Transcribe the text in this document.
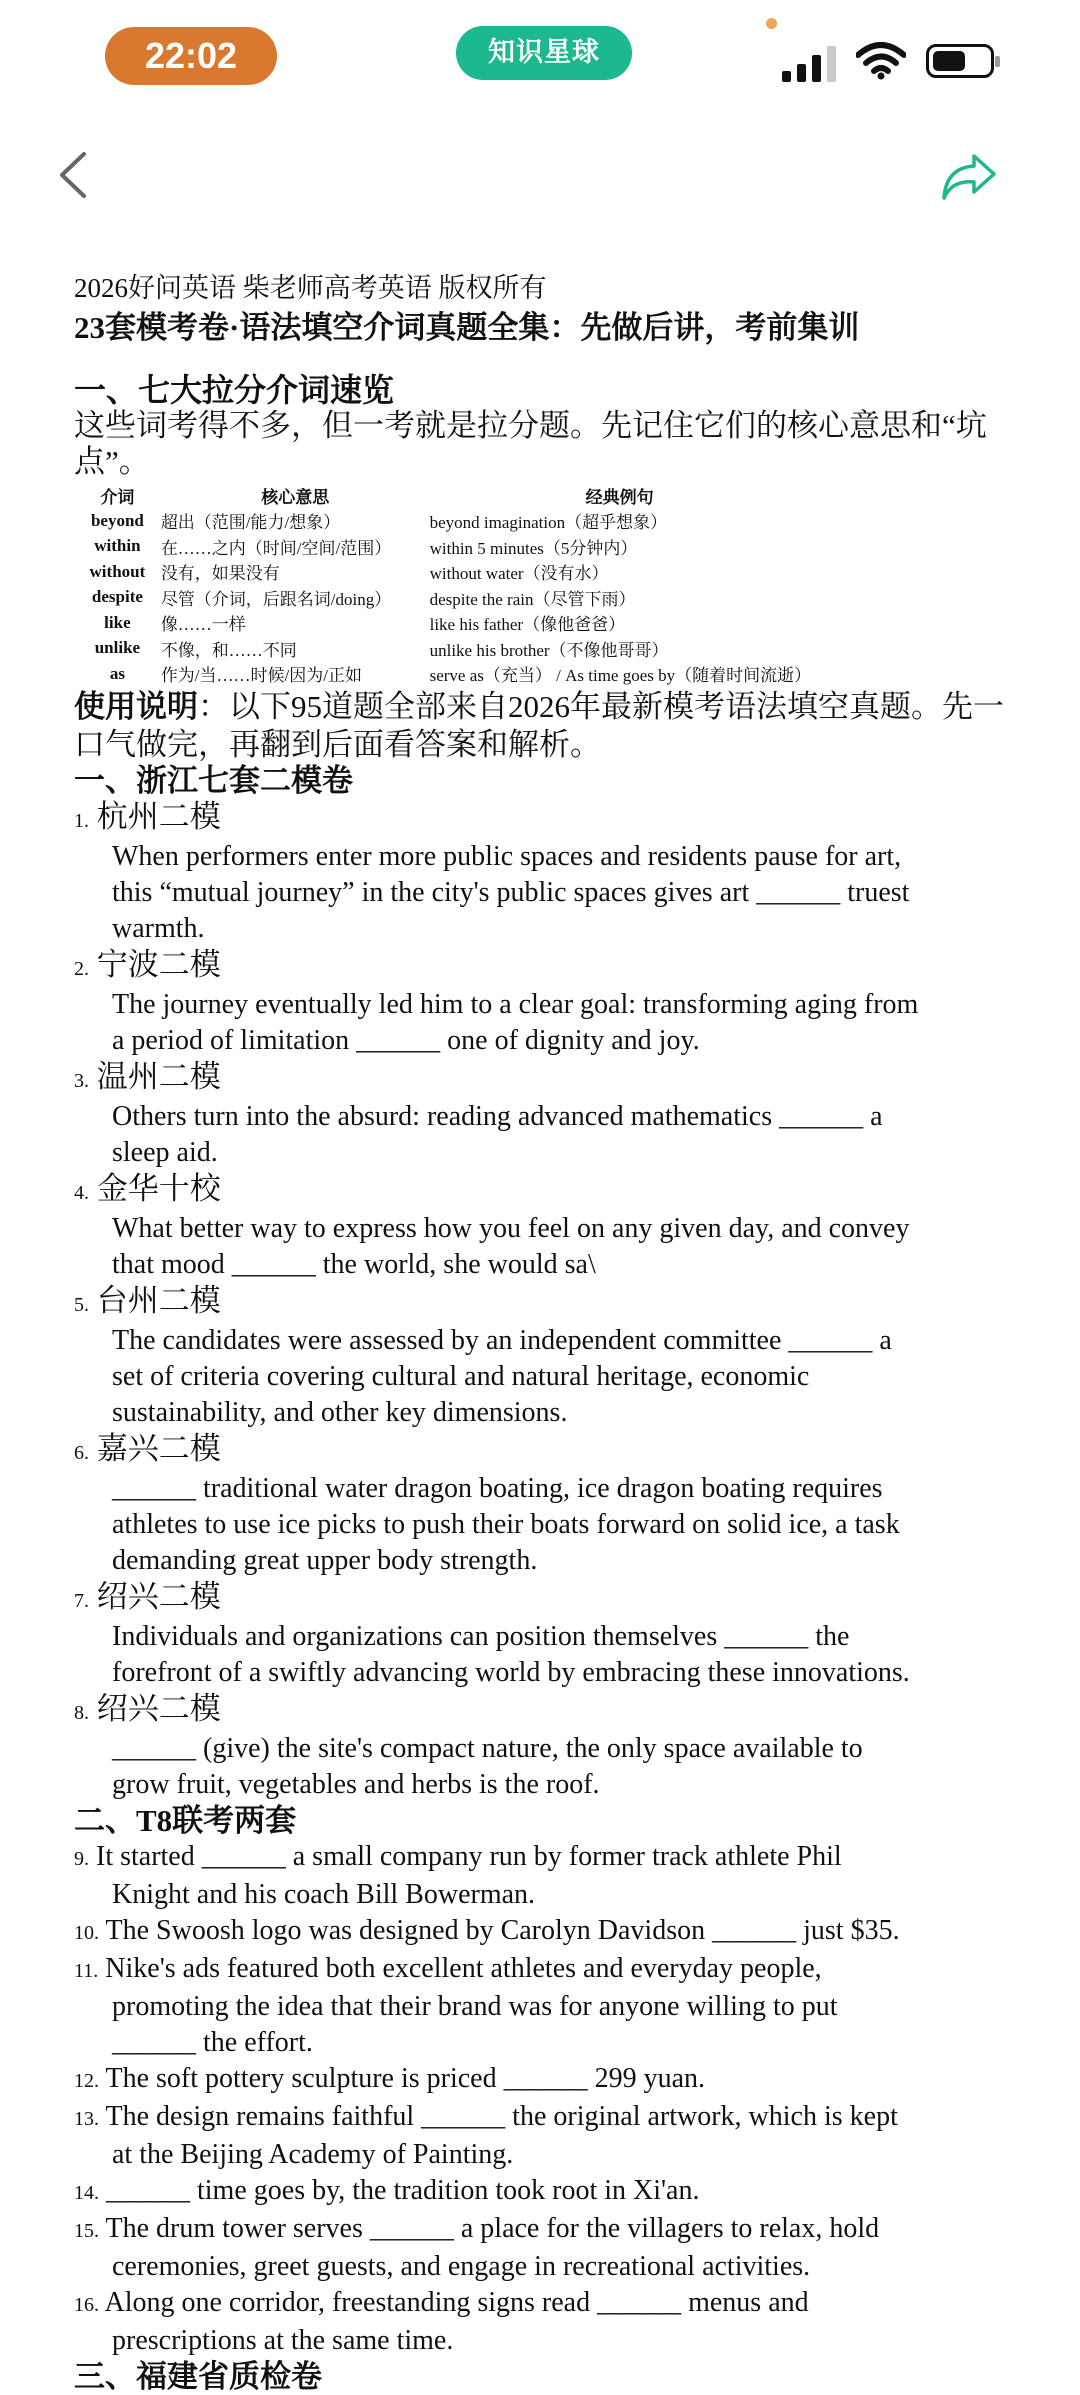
22:02	知识星球
2026好问英语 柴老师高考英语 版权所有
23套模考卷·语法填空介词真题全集：先做后讲，考前集训
一、七大拉分介词速览
这些词考得不多，但一考就是拉分题。先记住它们的核心意思和“坑
点”。
介词	核心意思	经典例句
beyond	超出（范围/能力/想象）	beyond imagination（超乎想象）
within	在……之内（时间/空间/范围）	within 5 minutes（5分钟内）
without	没有，如果没有	without water（没有水）
despite	尽管（介词，后跟名词/doing）	despite the rain（尽管下雨）
like	像……一样	like his father（像他爸爸）
unlike	不像，和……不同	unlike his brother（不像他哥哥）
as	作为/当……时候/因为/正如	serve as（充当） / As time goes by（随着时间流逝）
使用说明：以下95道题全部来自2026年最新模考语法填空真题。先一
口气做完，再翻到后面看答案和解析。
一、浙江七套二模卷
1. 杭州二模
When performers enter more public spaces and residents pause for art,
this “mutual journey” in the city's public spaces gives art ______ truest
warmth.
2. 宁波二模
The journey eventually led him to a clear goal: transforming aging from
a period of limitation ______ one of dignity and joy.
3. 温州二模
Others turn into the absurd: reading advanced mathematics ______ a
sleep aid.
4. 金华十校
What better way to express how you feel on any given day, and convey
that mood ______ the world, she would sa\
5. 台州二模
The candidates were assessed by an independent committee ______ a
set of criteria covering cultural and natural heritage, economic
sustainability, and other key dimensions.
6. 嘉兴二模
______ traditional water dragon boating, ice dragon boating requires
athletes to use ice picks to push their boats forward on solid ice, a task
demanding great upper body strength.
7. 绍兴二模
Individuals and organizations can position themselves ______ the
forefront of a swiftly advancing world by embracing these innovations.
8. 绍兴二模
______ (give) the site's compact nature, the only space available to
grow fruit, vegetables and herbs is the roof.
二、T8联考两套
9. It started ______ a small company run by former track athlete Phil
Knight and his coach Bill Bowerman.
10. The Swoosh logo was designed by Carolyn Davidson ______ just $35.
11. Nike's ads featured both excellent athletes and everyday people,
promoting the idea that their brand was for anyone willing to put
______ the effort.
12. The soft pottery sculpture is priced ______ 299 yuan.
13. The design remains faithful ______ the original artwork, which is kept
at the Beijing Academy of Painting.
14. ______ time goes by, the tradition took root in Xi'an.
15. The drum tower serves ______ a place for the villagers to relax, hold
ceremonies, greet guests, and engage in recreational activities.
16. Along one corridor, freestanding signs read ______ menus and
prescriptions at the same time.
三、福建省质检卷
